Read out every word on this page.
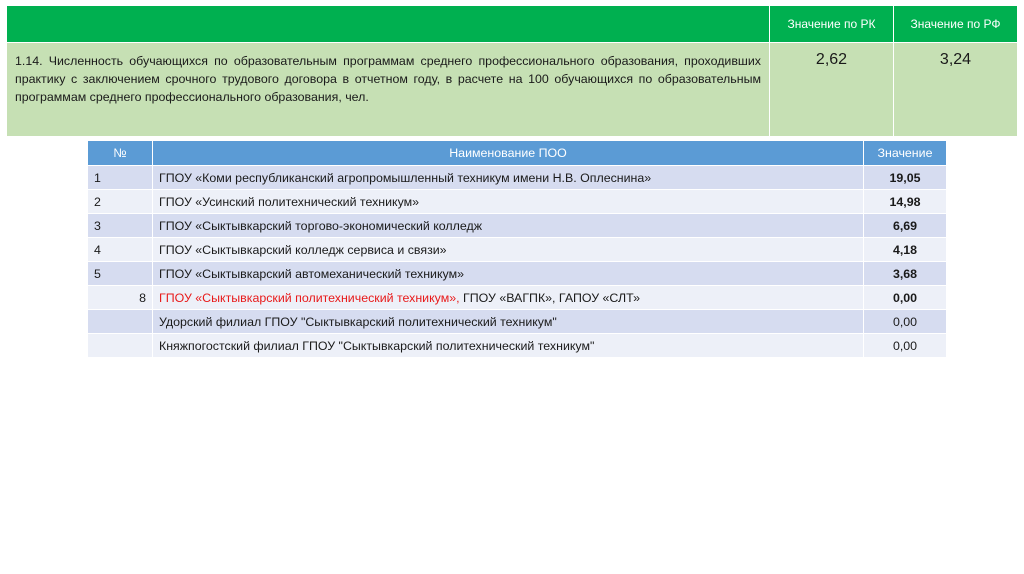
	Значение по РК	Значение по РФ
1.14. Численность обучающихся по образовательным программам среднего профессионального образования, проходивших практику с заключением срочного трудового договора в отчетном году, в расчете на 100 обучающихся по образовательным программам среднего профессионального образования, чел.	2,62	3,24
№	Наименование ПОО	Значение
1	ГПОУ «Коми республиканский агропромышленный техникум имени Н.В. Оплеснина»	19,05
2	ГПОУ «Усинский политехнический техникум»	14,98
3	ГПОУ «Сыктывкарский торгово-экономический колледж	6,69
4	ГПОУ «Сыктывкарский колледж сервиса и связи»	4,18
5	ГПОУ «Сыктывкарский автомеханический техникум»	3,68
8	ГПОУ «Сыктывкарский политехнический техникум», ГПОУ «ВАГПК», ГАПОУ «СЛТ»	0,00
	Удорский филиал ГПОУ "Сыктывкарский политехнический техникум"	0,00
	Княжпогостский филиал ГПОУ "Сыктывкарский политехнический техникум"	0,00
